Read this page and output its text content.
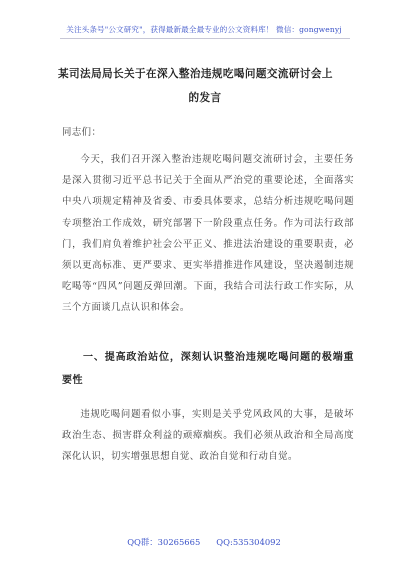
关注头条号"公文研究"，获得最新最全最专业的公文资料库！ 微信：gongwenyj
某司法局局长关于在深入整治违规吃喝问题交流研讨会上
的发言

同志们：

今天，我们召开深入整治违规吃喝问题交流研讨会，主要任务是深入贯彻习近平总书记关于全面从严治党的重要论述，全面落实中央八项规定精神及省委、市委具体要求，总结分析违规吃喝问题专项整治工作成效，研究部署下一阶段重点任务。作为司法行政部门，我们肩负着维护社会公平正义、推进法治建设的重要职责，必须以更高标准、更严要求、更实举措推进作风建设，坚决遏制违规吃喝等“四风”问题反弹回潮。下面，我结合司法行政工作实际，从三个方面谈几点认识和体会。

一、提高政治站位，深刻认识整治违规吃喝问题的极端重要性

违规吃喝问题看似小事，实则是关乎党风政风的大事，是破坏政治生态、损害群众利益的顽瘴痼疾。我们必须从政治和全局高度深化认识，切实增强思想自觉、政治自觉和行动自觉。

QQ群：30265665 QQ:535304092
